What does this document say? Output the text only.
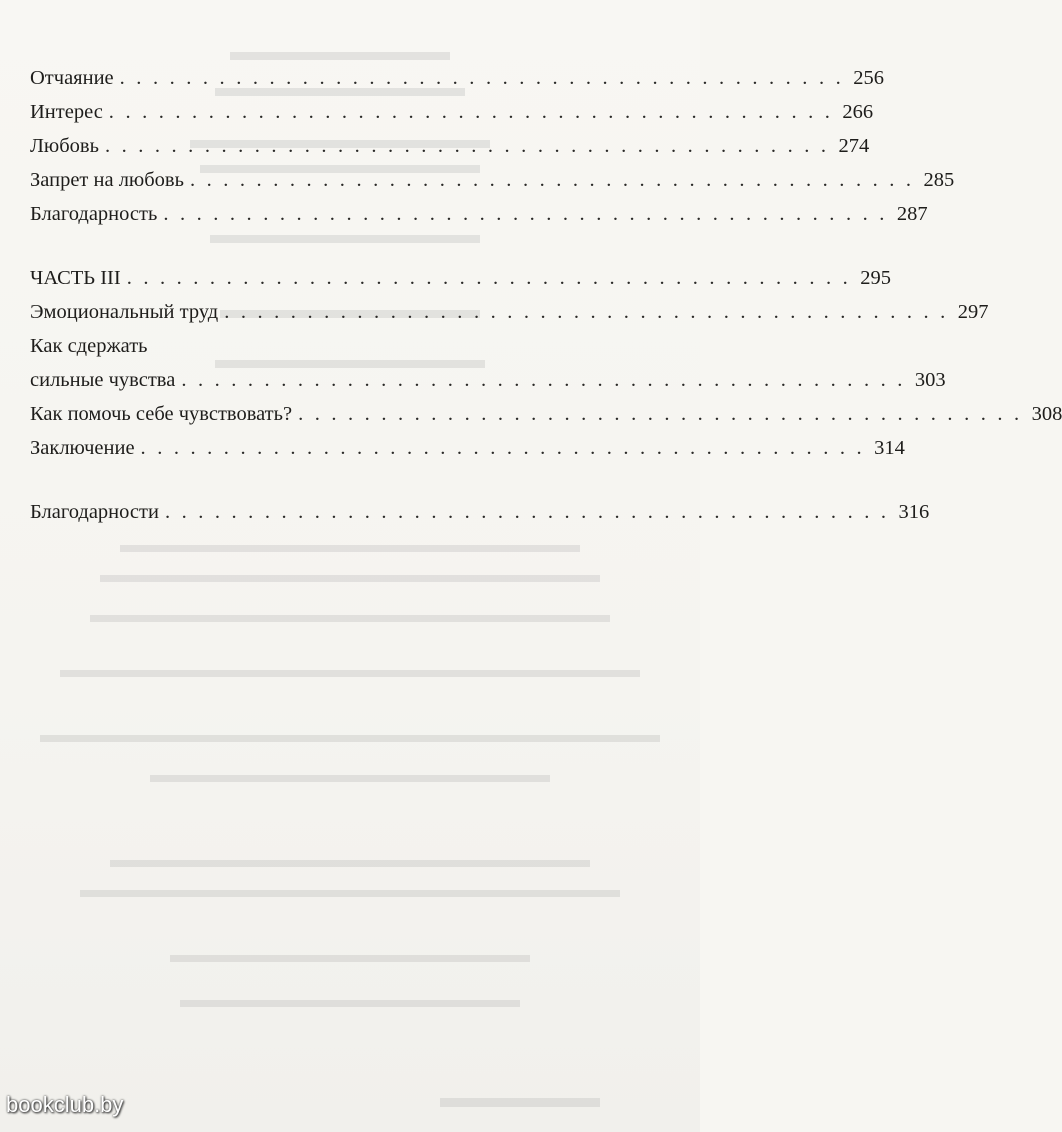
Отчаяние . . . . . . . . . . . . . . . . . . . . . . . . . . . . . . . . . . . . . . . . . . . . 256
Интерес . . . . . . . . . . . . . . . . . . . . . . . . . . . . . . . . . . . . . . . . . . . . 266
Любовь . . . . . . . . . . . . . . . . . . . . . . . . . . . . . . . . . . . . . . . . . . . . 274
Запрет на любовь . . . . . . . . . . . . . . . . . . . . . . . . . . . . . . . . . . . . . . . . . . . . 285
Благодарность . . . . . . . . . . . . . . . . . . . . . . . . . . . . . . . . . . . . . . . . . . . . 287
ЧАСТЬ III . . . . . . . . . . . . . . . . . . . . . . . . . . . . . . . . . . . . . . . . . . . . 295
Эмоциональный труд . . . . . . . . . . . . . . . . . . . . . . . . . . . . . . . . . . . . . . . . . . . . 297
Как сдержать
сильные чувства . . . . . . . . . . . . . . . . . . . . . . . . . . . . . . . . . . . . . . . . . . . . 303
Как помочь себе чувствовать? . . . . . . . . . . . . . . . . . . . . . . . . . . . . . . . . . . . . . . . . . . . . 308
Заключение . . . . . . . . . . . . . . . . . . . . . . . . . . . . . . . . . . . . . . . . . . . . 314
Благодарности . . . . . . . . . . . . . . . . . . . . . . . . . . . . . . . . . . . . . . . . . . . . 316
bookclub.by
